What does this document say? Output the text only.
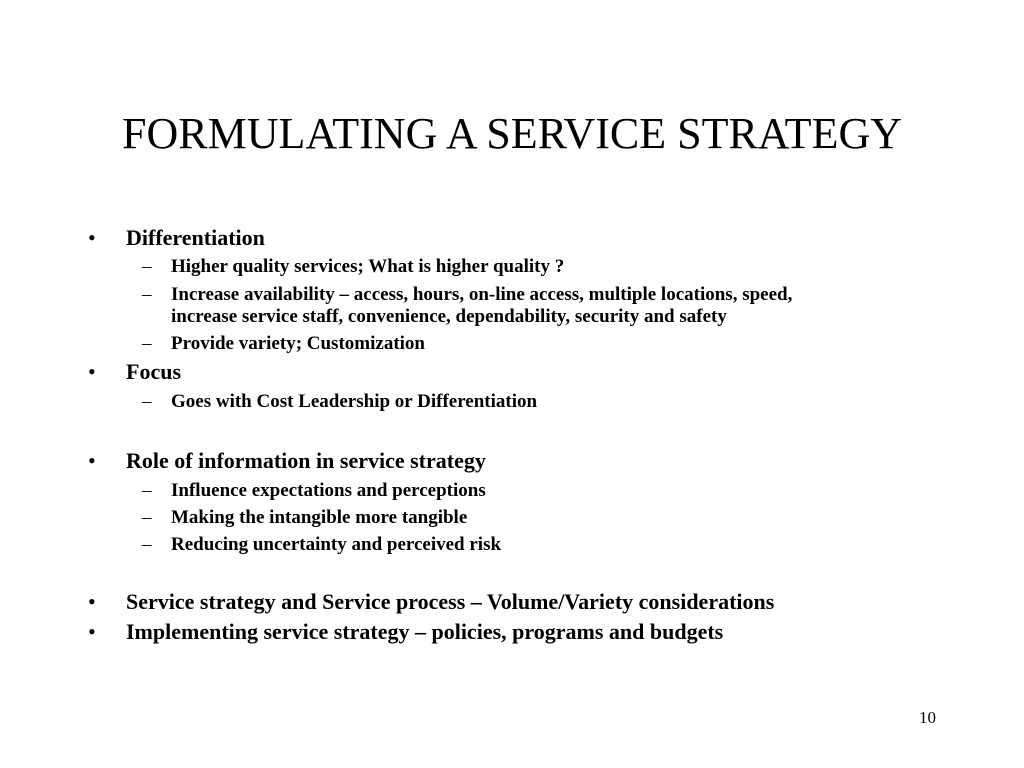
FORMULATING A SERVICE STRATEGY
• Differentiation
– Higher quality services; What is higher quality ?
– Increase availability – access, hours, on-line access, multiple locations, speed,
increase service staff, convenience, dependability, security and safety
– Provide variety; Customization
• Focus
– Goes with Cost Leadership or Differentiation
• Role of information in service strategy
– Influence expectations and perceptions
– Making the intangible more tangible
– Reducing uncertainty and perceived risk
• Service strategy and Service process – Volume/Variety considerations
• Implementing service strategy – policies, programs and budgets
10
